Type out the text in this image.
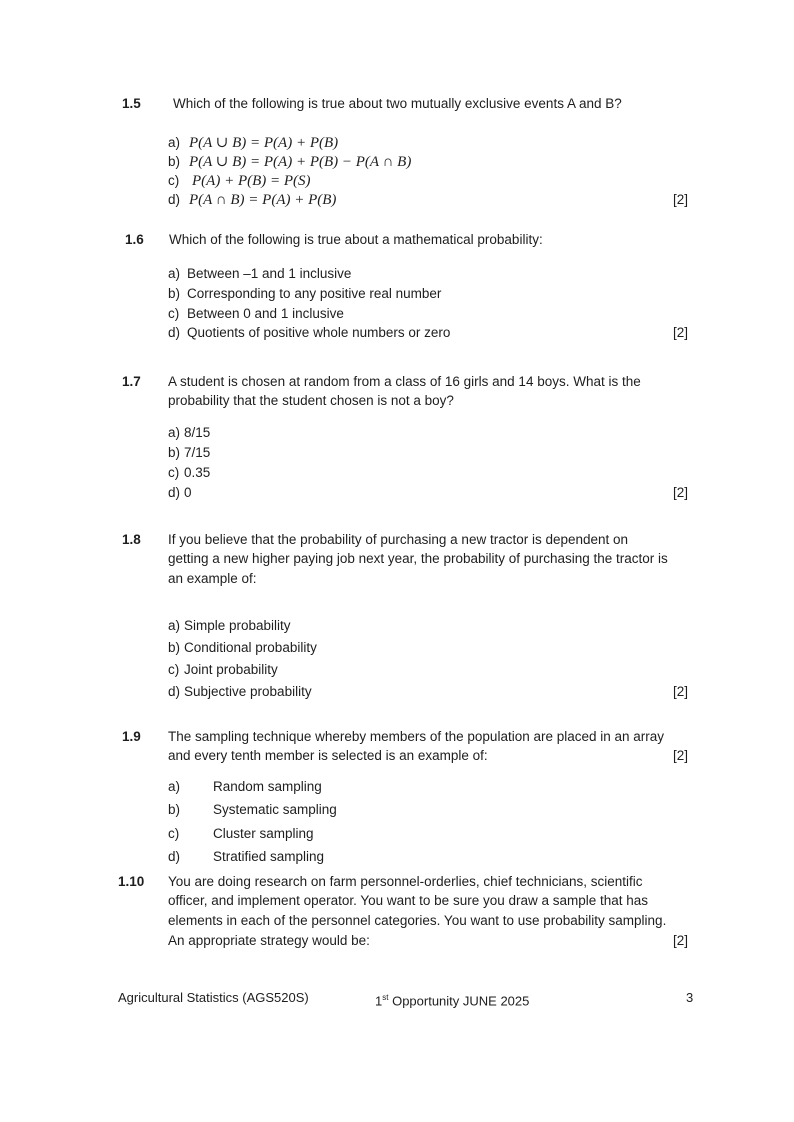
1.5 Which of the following is true about two mutually exclusive events A and B?
a) P(A ∪ B) = P(A) + P(B)
b) P(A ∪ B) = P(A) + P(B) − P(A ∩ B)
c) P(A) + P(B) = P(S)
d) P(A ∩ B) = P(A) + P(B)	[2]
1.6 Which of the following is true about a mathematical probability:
a) Between –1 and 1 inclusive
b) Corresponding to any positive real number
c) Between 0 and 1 inclusive
d) Quotients of positive whole numbers or zero	[2]
1.7 A student is chosen at random from a class of 16 girls and 14 boys. What is the
probability that the student chosen is not a boy?
a) 8/15
b) 7/15
c) 0.35
d) 0	[2]
1.8 If you believe that the probability of purchasing a new tractor is dependent on
getting a new higher paying job next year, the probability of purchasing the tractor is
an example of:
a) Simple probability
b) Conditional probability
c) Joint probability
d) Subjective probability	[2]
1.9 The sampling technique whereby members of the population are placed in an array
and every tenth member is selected is an example of:	[2]
a) Random sampling
b) Systematic sampling
c)	Cluster sampling
d) Stratified sampling
1.10 You are doing research on farm personnel-orderlies, chief technicians, scientific
officer, and implement operator. You want to be sure you draw a sample that has
elements in each of the personnel categories. You want to use probability sampling.
An appropriate strategy would be:	[2]
Agricultural Statistics (AGS520S)	1st Opportunity JUNE 2025	3
